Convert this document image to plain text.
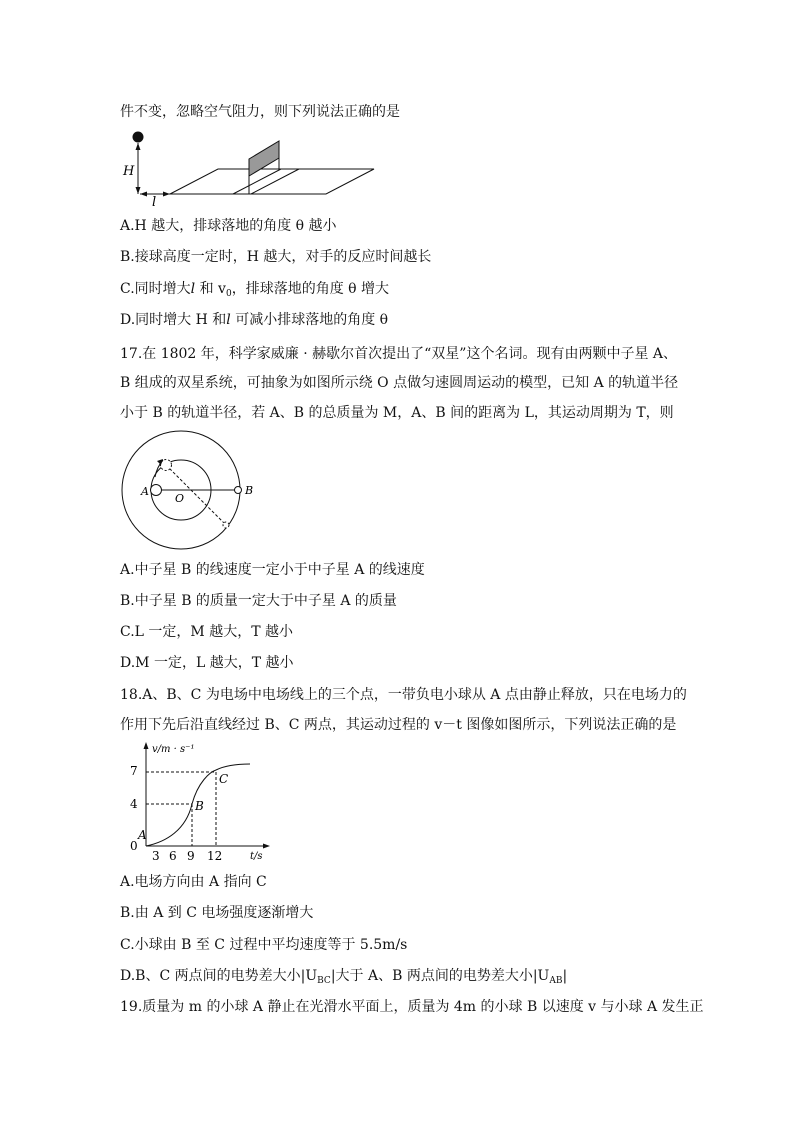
件不变，忽略空气阻力，则下列说法正确的是
H
l
A.H 越大，排球落地的角度 θ 越小
B.接球高度一定时，H 越大，对手的反应时间越长
C.同时增大l 和 $v_0$，排球落地的角度 θ 增大
D.同时增大 H 和l 可减小排球落地的角度 θ
17.在 1802 年，科学家威廉 · 赫歇尔首次提出了“双星”这个名词。现有由两颗中子星 A、
B 组成的双星系统，可抽象为如图所示绕 O 点做匀速圆周运动的模型，已知 A 的轨道半径
小于 B 的轨道半径，若 A、B 的总质量为 M，A、B 间的距离为 L，其运动周期为 T，则
A
O
B
A.中子星 B 的线速度一定小于中子星 A 的线速度
B.中子星 B 的质量一定大于中子星 A 的质量
C.L 一定，M 越大，T 越小
D.M 一定，L 越大，T 越小
18.A、B、C 为电场中电场线上的三个点，一带负电小球从 A 点由静止释放，只在电场力的
作用下先后沿直线经过 B、C 两点，其运动过程的 v－t 图像如图所示，下列说法正确的是
v/m · s⁻¹
t/s
0
7
4
3 6 9 12
A
B
C
A.电场方向由 A 指向 C
B.由 A 到 C 电场强度逐渐增大
C.小球由 B 至 C 过程中平均速度等于 5.5m/s
D.B、C 两点间的电势差大小$|U_{BC}|$大于 A、B 两点间的电势差大小$|U_{AB}|$
19.质量为 m 的小球 A 静止在光滑水平面上，质量为 4m 的小球 B 以速度 v 与小球 A 发生正
